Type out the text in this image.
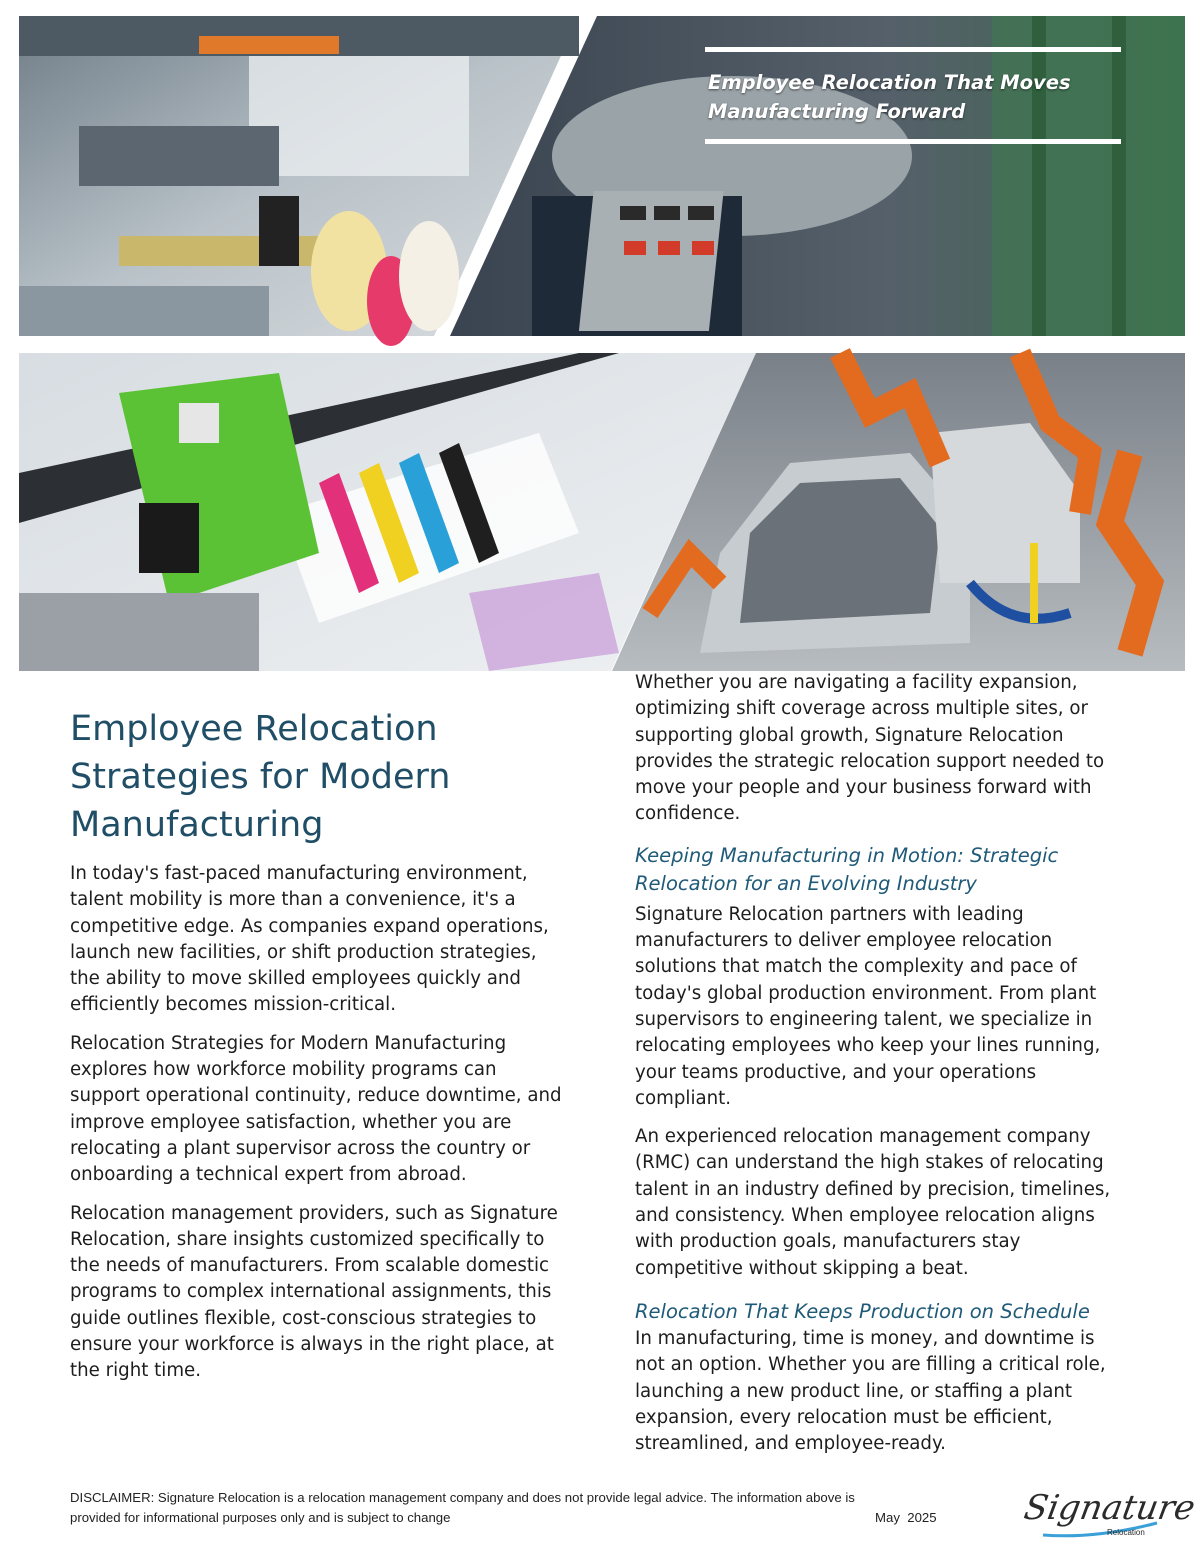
Employee Relocation That Moves Manufacturing Forward
Employee Relocation Strategies for Modern Manufacturing

In today's fast-paced manufacturing environment, talent mobility is more than a convenience, it's a competitive edge. As companies expand operations, launch new facilities, or shift production strategies, the ability to move skilled employees quickly and efficiently becomes mission-critical.

Relocation Strategies for Modern Manufacturing explores how workforce mobility programs can support operational continuity, reduce downtime, and improve employee satisfaction, whether you are relocating a plant supervisor across the country or onboarding a technical expert from abroad.

Relocation management providers, such as Signature Relocation, share insights customized specifically to the needs of manufacturers. From scalable domestic programs to complex international assignments, this guide outlines flexible, cost-conscious strategies to ensure your workforce is always in the right place, at the right time.

Whether you are navigating a facility expansion, optimizing shift coverage across multiple sites, or supporting global growth, Signature Relocation provides the strategic relocation support needed to move your people and your business forward with confidence.

Keeping Manufacturing in Motion: Strategic Relocation for an Evolving Industry

Signature Relocation partners with leading manufacturers to deliver employee relocation solutions that match the complexity and pace of today's global production environment. From plant supervisors to engineering talent, we specialize in relocating employees who keep your lines running, your teams productive, and your operations compliant.

An experienced relocation management company (RMC) can understand the high stakes of relocating talent in an industry defined by precision, timelines, and consistency. When employee relocation aligns with production goals, manufacturers stay competitive without skipping a beat.

Relocation That Keeps Production on Schedule

In manufacturing, time is money, and downtime is not an option. Whether you are filling a critical role, launching a new product line, or staffing a plant expansion, every relocation must be efficient, streamlined, and employee-ready.

DISCLAIMER: Signature Relocation is a relocation management company and does not provide legal advice. The information above is
provided for informational purposes only and is subject to change	May  2025 Signature
Relocation
